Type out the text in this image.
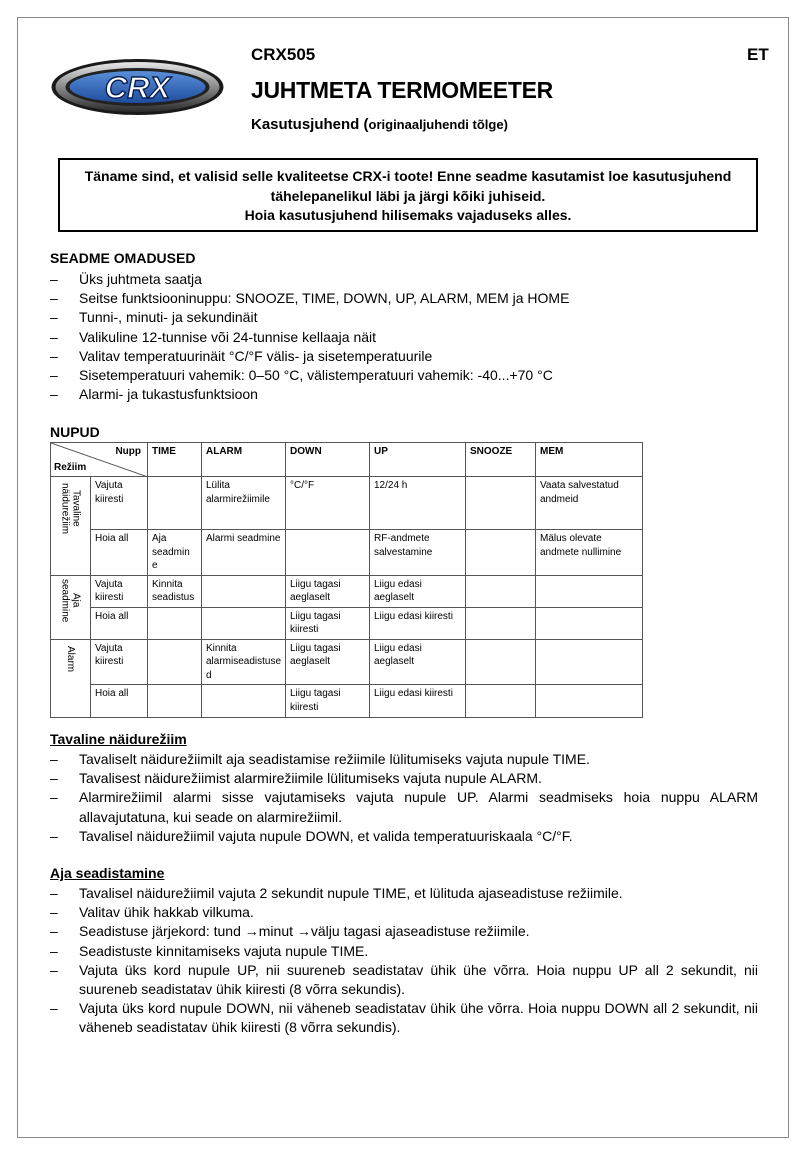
CRX
CRX505	ET
JUHTMETA TERMOMEETER
Kasutusjuhend (originaaljuhendi tõlge)
Täname sind, et valisid selle kvaliteetse CRX-i toote! Enne seadme kasutamist loe kasutusjuhend
tähelepanelikul läbi ja järgi kõiki juhiseid.
Hoia kasutusjuhend hilisemaks vajaduseks alles.
SEADME OMADUSED
– Üks juhtmeta saatja
– Seitse funktsiooninuppu: SNOOZE, TIME, DOWN, UP, ALARM, MEM ja HOME
– Tunni-, minuti- ja sekundinäit
– Valikuline 12-tunnise või 24-tunnise kellaaja näit
– Valitav temperatuurinäit °C/°F välis- ja sisetemperatuurile
– Sisetemperatuuri vahemik: 0–50 °C, välistemperatuuri vahemik: -40...+70 °C
– Alarmi- ja tukastusfunktsioon
NUPUD
Nupp
Režiim		TIME	ALARM	DOWN	UP	SNOOZE	MEM

Tavaline
näidurežiim	Vajuta kiiresti		Lülita alarmirežiimile	°C/°F	12/24 h		Vaata salvestatud andmeid
	Hoia all	Aja seadmin e	Alarmi seadmine		RF-andmete salvestamine		Mälus olevate andmete nullimine

Aja
seadmine	Vajuta kiiresti	Kinnita seadistus		Liigu tagasi aeglaselt	Liigu edasi aeglaselt		
	Hoia all			Liigu tagasi kiiresti	Liigu edasi kiiresti		

Alarm	Vajuta kiiresti		Kinnita alarmiseadistuse d	Liigu tagasi aeglaselt	Liigu edasi aeglaselt		
	Hoia all			Liigu tagasi kiiresti	Liigu edasi kiiresti		
Tavaline näidurežiim
– Tavaliselt näidurežiimilt aja seadistamise režiimile lülitumiseks vajuta nupule TIME.
– Tavalisest näidurežiimist alarmirežiimile lülitumiseks vajuta nupule ALARM.
– Alarmirežiimil alarmi sisse vajutamiseks vajuta nupule UP. Alarmi seadmiseks hoia nuppu ALARM allavajutatuna, kui seade on alarmirežiimil.
– Tavalisel näidurežiimil vajuta nupule DOWN, et valida temperatuuriskaala °C/°F.
Aja seadistamine
– Tavalisel näidurežiimil vajuta 2 sekundit nupule TIME, et lülituda ajaseadistuse režiimile.
– Valitav ühik hakkab vilkuma.
– Seadistuse järjekord: tund →minut →välju tagasi ajaseadistuse režiimile.
– Seadistuste kinnitamiseks vajuta nupule TIME.
– Vajuta üks kord nupule UP, nii suureneb seadistatav ühik ühe võrra. Hoia nuppu UP all 2 sekundit, nii suureneb seadistatav ühik kiiresti (8 võrra sekundis).
– Vajuta üks kord nupule DOWN, nii väheneb seadistatav ühik ühe võrra. Hoia nuppu DOWN all 2 sekundit, nii väheneb seadistatav ühik kiiresti (8 võrra sekundis).
